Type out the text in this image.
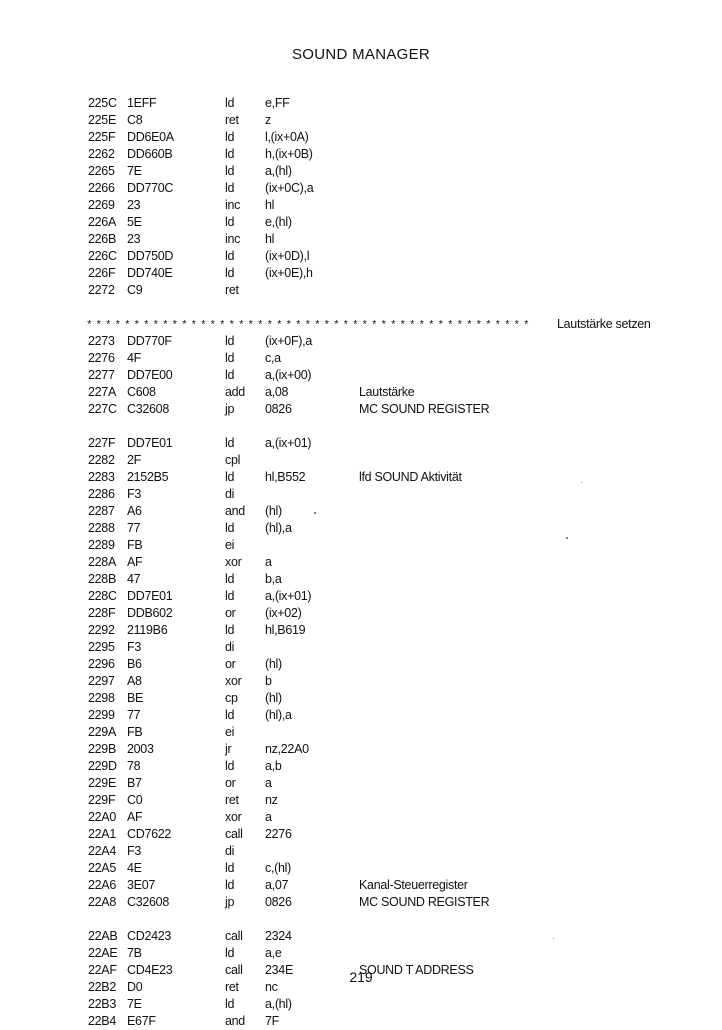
SOUND MANAGER
225C 1EFF	ld e,FF
225E C8	ret z
225F DD6E0A	ld l,(ix+0A)
2262 DD660B	ld h,(ix+0B)
2265 7E	ld a,(hl)
2266 DD770C	ld (ix+0C),a
2269 23	inc hl
226A 5E	ld e,(hl)
226B 23	inc hl
226C DD750D	ld (ix+0D),l
226F DD740E	ld (ix+0E),h
2272 C9	ret
*********************************************** Lautstärke setzen
2273 DD770F	ld (ix+0F),a
2276 4F	ld c,a
2277 DD7E00	ld a,(ix+00)
227A C608	add a,08	Lautstärke
227C C32608	jp 0826	MC SOUND REGISTER
227F DD7E01	ld a,(ix+01)
2282 2F	cpl
2283 2152B5	ld hl,B552	lfd SOUND Aktivität
2286 F3	di
2287 A6	and (hl)
2288 77	ld (hl),a
2289 FB	ei
228A AF	xor a
228B 47	ld b,a
228C DD7E01	ld a,(ix+01)
228F DDB602	or (ix+02)
2292 2119B6	ld hl,B619
2295 F3	di
2296 B6	or (hl)
2297 A8	xor b
2298 BE	cp (hl)
2299 77	ld (hl),a
229A FB	ei
229B 2003	jr	nz,22A0
229D 78	ld a,b
229E B7	or a
229F C0	ret nz
22A0 AF	xor a
22A1 CD7622	call 2276
22A4 F3	di
22A5 4E	ld c,(hl)
22A6 3E07	ld a,07	Kanal-Steuerregister
22A8 C32608	jp 0826	MC SOUND REGISTER
22AB CD2423	call 2324
22AE 7B	ld a,e
22AF CD4E23	call 234E	SOUND T ADDRESS
22B2 D0	ret nc
22B3 7E	ld a,(hl)
22B4 E67F	and 7F
219
